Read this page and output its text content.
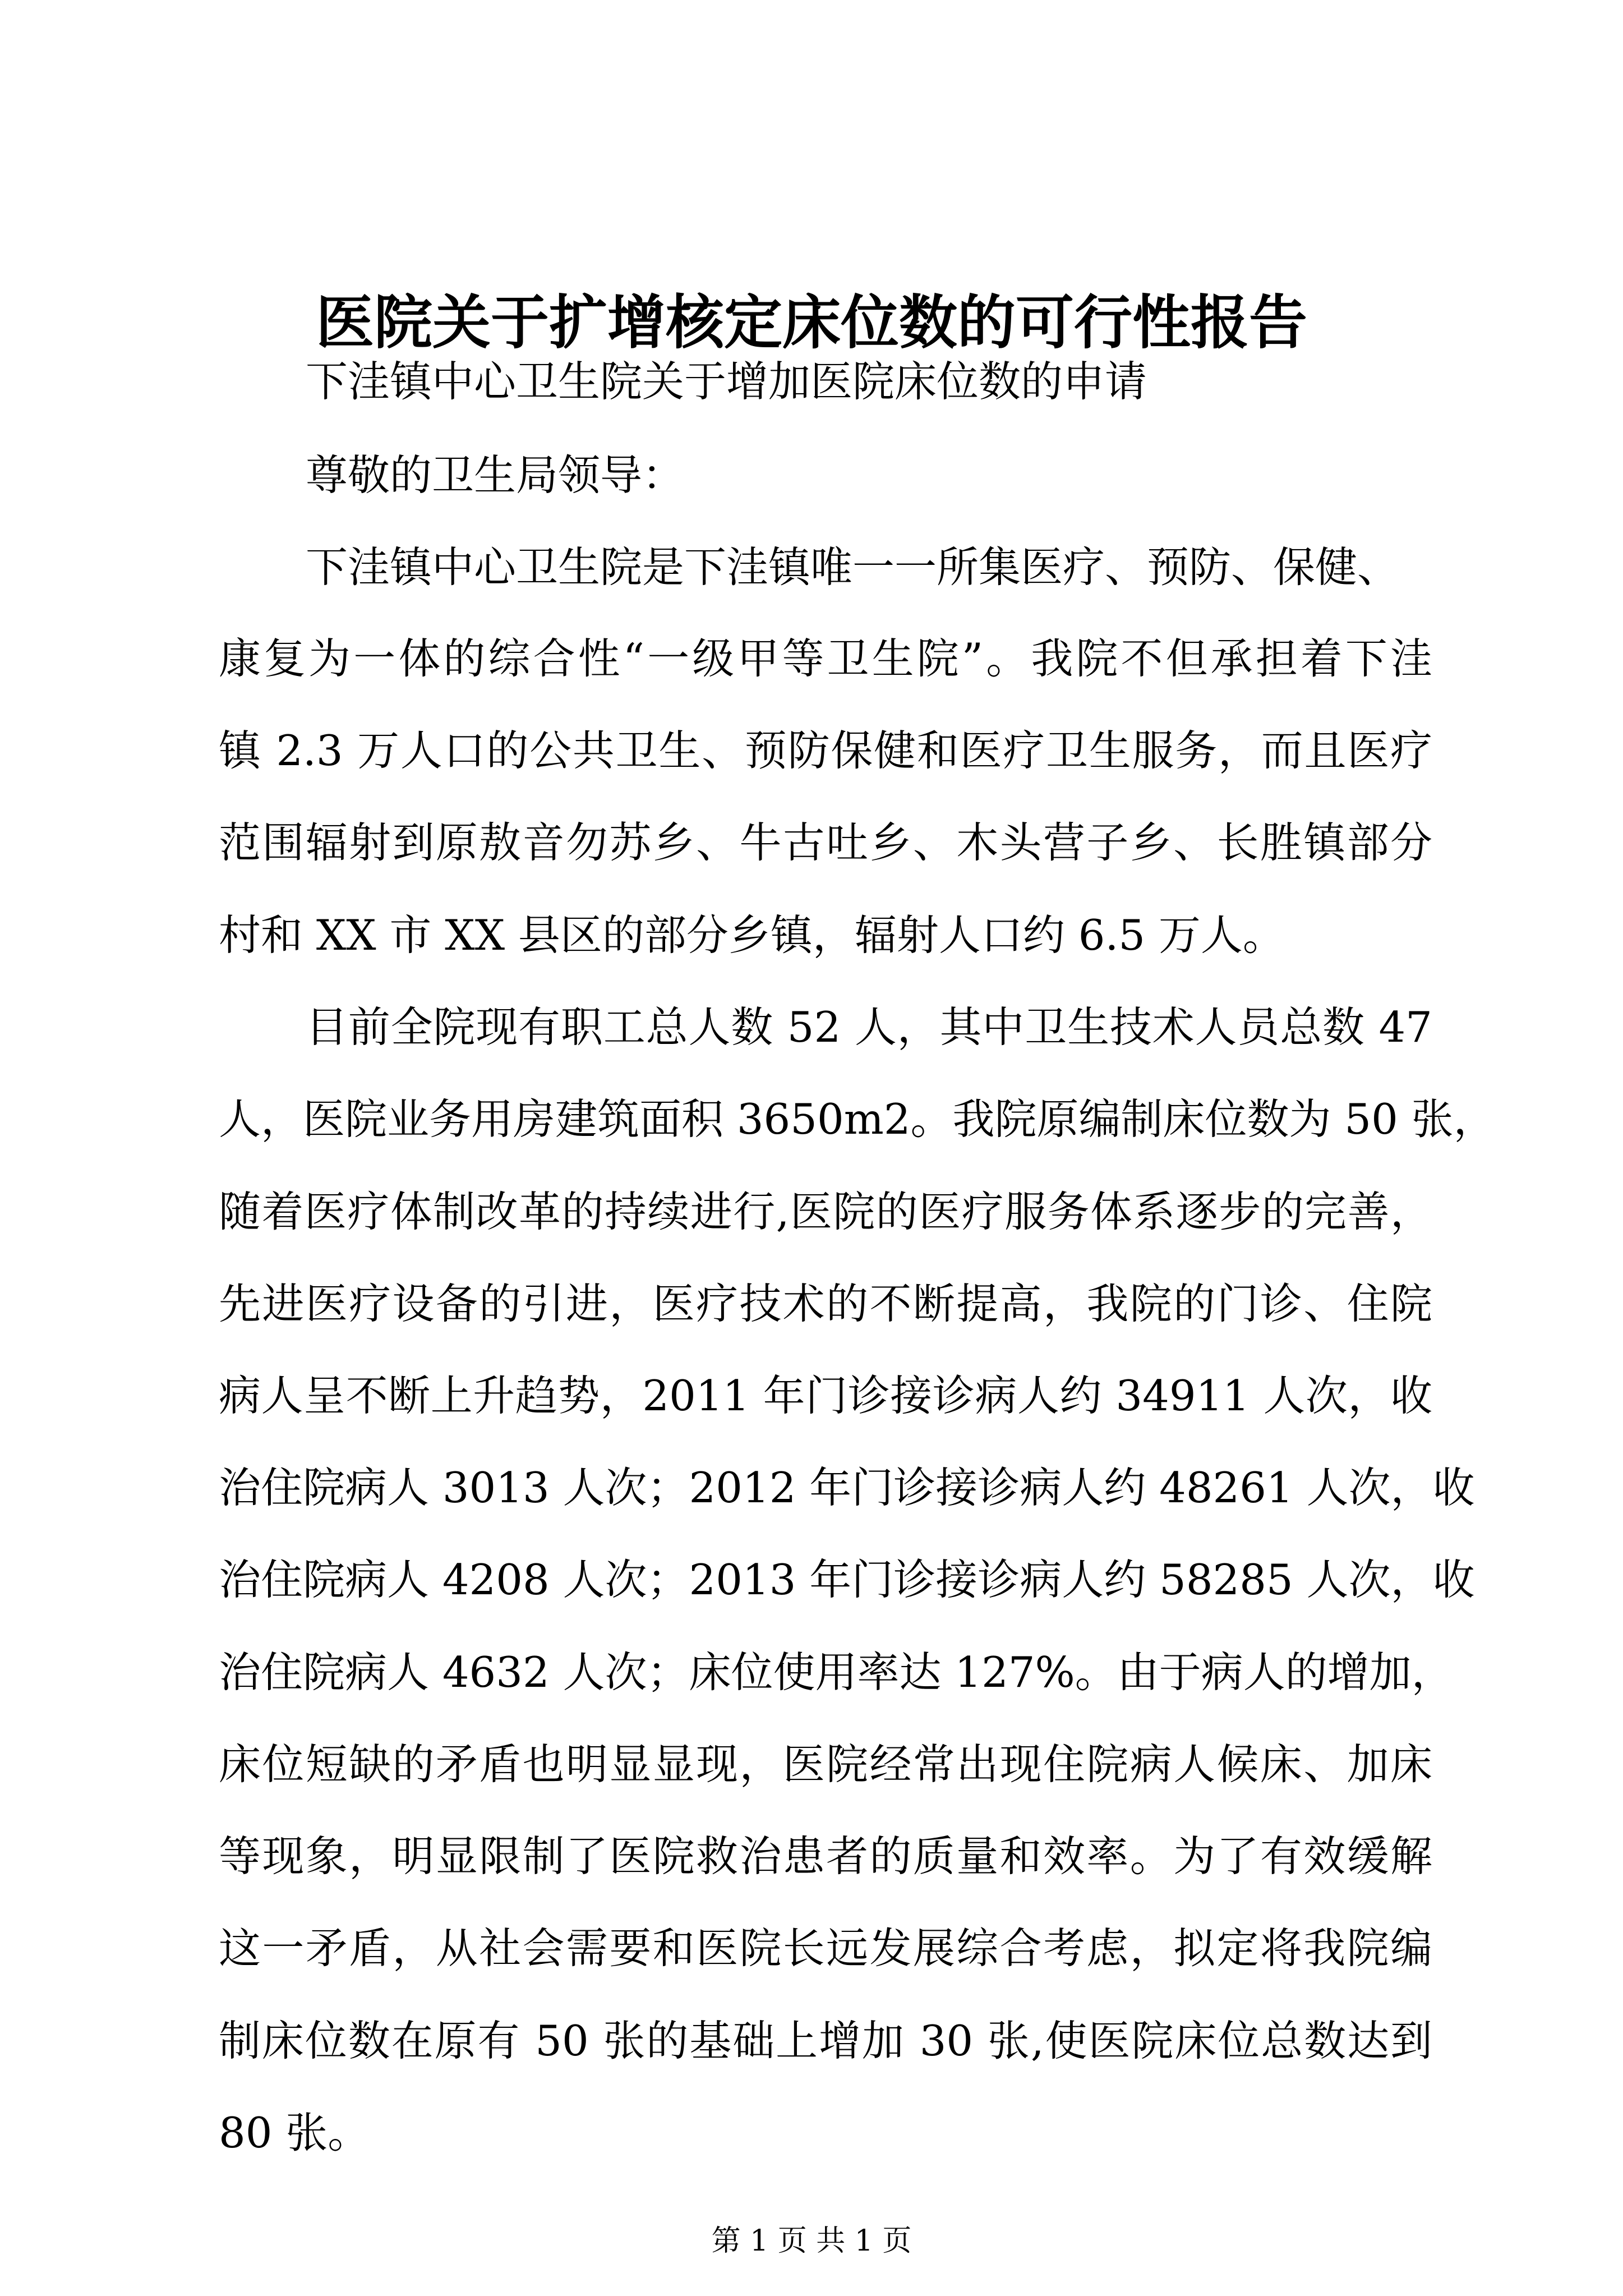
医院关于扩增核定床位数的可行性报告
下洼镇中心卫生院关于增加医院床位数的申请
尊敬的卫生局领导：
下洼镇中心卫生院是下洼镇唯一一所集医疗、预防、保健、
康复为一体的综合性“一级甲等卫生院”。我院不但承担着下洼
镇 2.3 万人口的公共卫生、预防保健和医疗卫生服务，而且医疗
范围辐射到原敖音勿苏乡、牛古吐乡、木头营子乡、长胜镇部分
村和 XX 市 XX 县区的部分乡镇，辐射人口约 6.5 万人。
目前全院现有职工总人数 52 人，其中卫生技术人员总数 47
人，医院业务用房建筑面积 3650m2。我院原编制床位数为 50 张，
随着医疗体制改革的持续进行,医院的医疗服务体系逐步的完善，
先进医疗设备的引进，医疗技术的不断提高，我院的门诊、住院
病人呈不断上升趋势，2011 年门诊接诊病人约 34911 人次，收
治住院病人 3013 人次；2012 年门诊接诊病人约 48261 人次，收
治住院病人 4208 人次；2013 年门诊接诊病人约 58285 人次，收
治住院病人 4632 人次；床位使用率达 127%。由于病人的增加，
床位短缺的矛盾也明显显现，医院经常出现住院病人候床、加床
等现象，明显限制了医院救治患者的质量和效率。为了有效缓解
这一矛盾，从社会需要和医院长远发展综合考虑，拟定将我院编
制床位数在原有 50 张的基础上增加 30 张,使医院床位总数达到
80 张。
第 1 页 共 1 页
